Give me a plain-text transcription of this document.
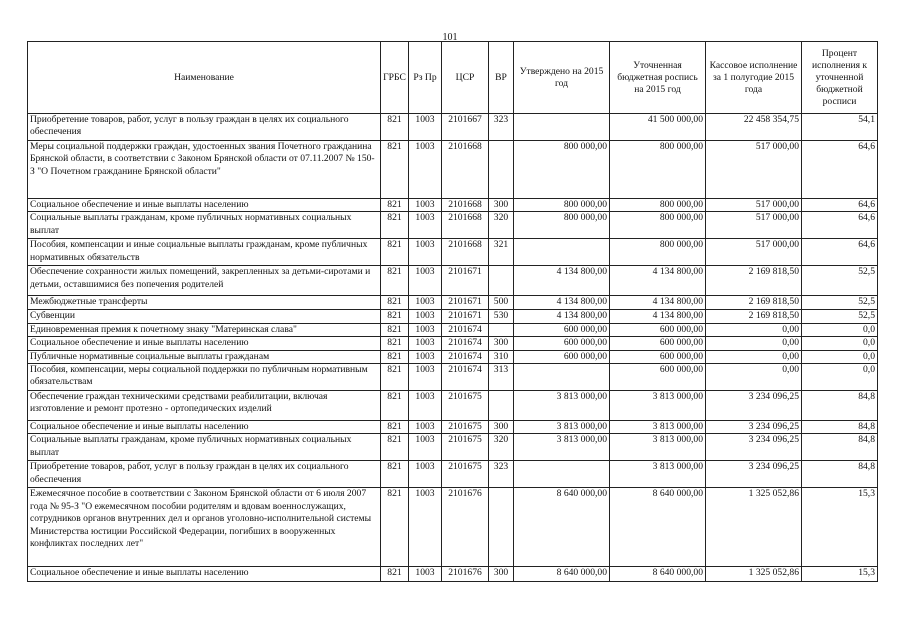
101
Наименование	ГРБС	Рз Пр	ЦСР	ВР	Утверждено на 2015 год	Уточненная бюджетная роспись на 2015 год	Кассовое исполнение за 1 полугодие 2015 года	Процент исполнения к уточненной бюджетной росписи
Приобретение товаров, работ, услуг в пользу граждан в целях их социального обеспечения	821	1003	2101667	323		41 500 000,00	22 458 354,75	54,1
Меры социальной поддержки граждан, удостоенных звания Почетного гражданина Брянской области, в соответствии с Законом Брянской области от 07.11.2007 № 150-З "О Почетном гражданине Брянской области"	821	1003	2101668		800 000,00	800 000,00	517 000,00	64,6
Социальное обеспечение и иные выплаты населению	821	1003	2101668	300	800 000,00	800 000,00	517 000,00	64,6
Социальные выплаты гражданам, кроме публичных нормативных социальных выплат	821	1003	2101668	320	800 000,00	800 000,00	517 000,00	64,6
Пособия, компенсации и иные социальные выплаты гражданам, кроме публичных нормативных обязательств	821	1003	2101668	321		800 000,00	517 000,00	64,6
Обеспечение сохранности жилых помещений, закрепленных за детьми-сиротами и детьми, оставшимися без попечения родителей	821	1003	2101671		4 134 800,00	4 134 800,00	2 169 818,50	52,5
Межбюджетные трансферты	821	1003	2101671	500	4 134 800,00	4 134 800,00	2 169 818,50	52,5
Субвенции	821	1003	2101671	530	4 134 800,00	4 134 800,00	2 169 818,50	52,5
Единовременная премия к почетному знаку "Материнская слава"	821	1003	2101674		600 000,00	600 000,00	0,00	0,0
Социальное обеспечение и иные выплаты населению	821	1003	2101674	300	600 000,00	600 000,00	0,00	0,0
Публичные нормативные социальные выплаты гражданам	821	1003	2101674	310	600 000,00	600 000,00	0,00	0,0
Пособия, компенсации, меры социальной поддержки по публичным нормативным обязательствам	821	1003	2101674	313		600 000,00	0,00	0,0
Обеспечение граждан техническими средствами реабилитации, включая изготовление и ремонт протезно - ортопедических изделий	821	1003	2101675		3 813 000,00	3 813 000,00	3 234 096,25	84,8
Социальное обеспечение и иные выплаты населению	821	1003	2101675	300	3 813 000,00	3 813 000,00	3 234 096,25	84,8
Социальные выплаты гражданам, кроме публичных нормативных социальных выплат	821	1003	2101675	320	3 813 000,00	3 813 000,00	3 234 096,25	84,8
Приобретение товаров, работ, услуг в пользу граждан в целях их социального обеспечения	821	1003	2101675	323		3 813 000,00	3 234 096,25	84,8
Ежемесячное пособие в соответствии с Законом Брянской области от 6 июля 2007 года № 95-З "О ежемесячном пособии родителям и вдовам военнослужащих, сотрудников органов внутренних дел и органов уголовно-исполнительной системы Министерства юстиции Российской Федерации, погибших в вооруженных конфликтах последних лет"	821	1003	2101676		8 640 000,00	8 640 000,00	1 325 052,86	15,3
Социальное обеспечение и иные выплаты населению	821	1003	2101676	300	8 640 000,00	8 640 000,00	1 325 052,86	15,3
